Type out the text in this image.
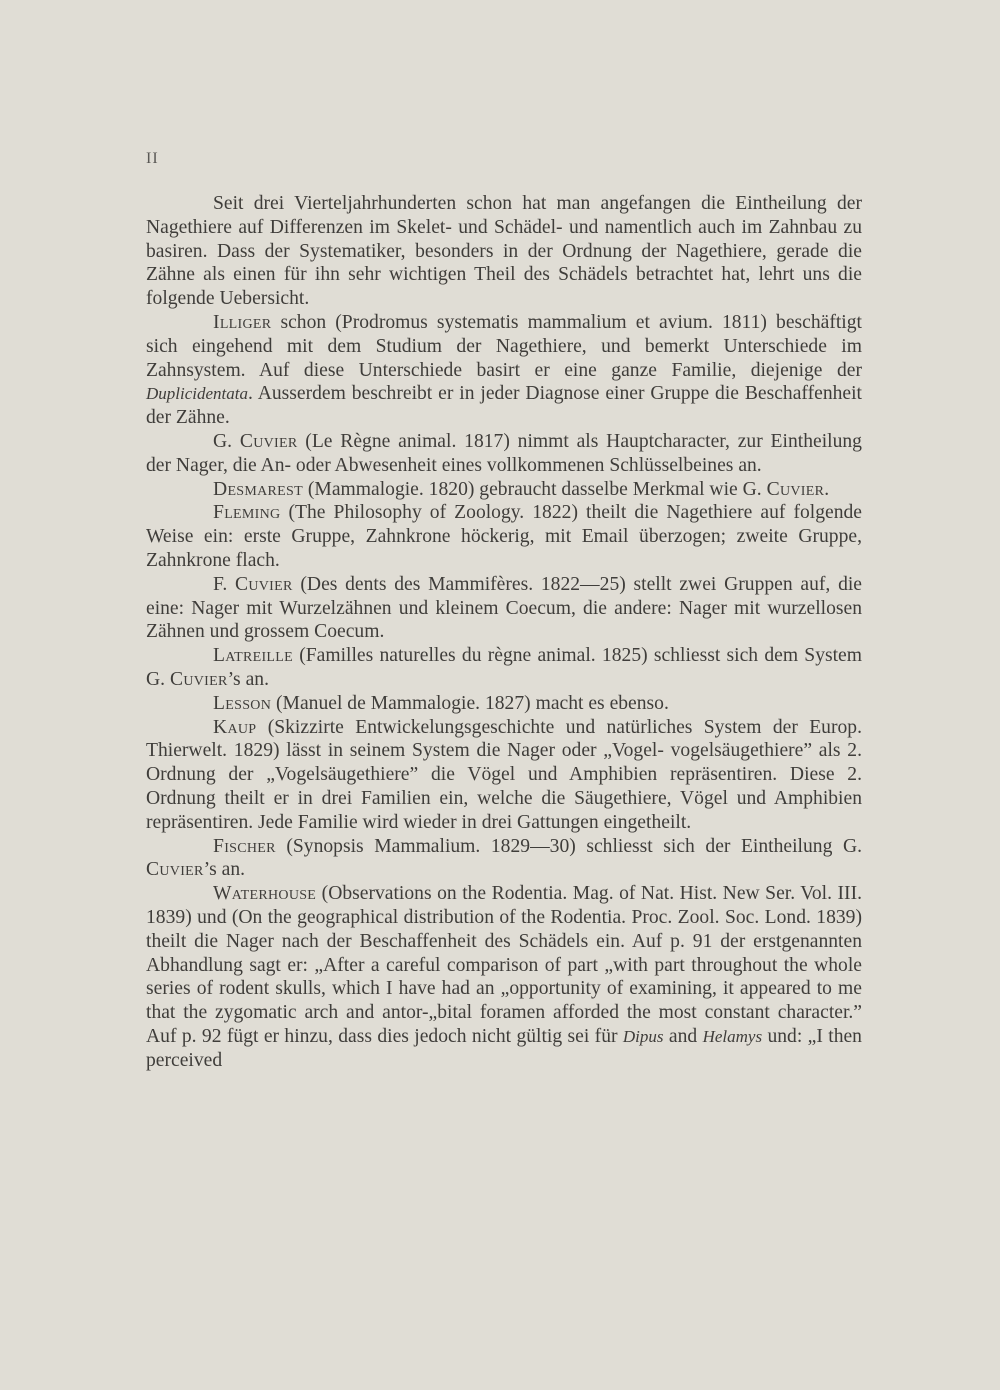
II

Seit drei Vierteljahrhunderten schon hat man angefangen die Eintheilung der Nagethiere auf Differenzen im Skelet- und Schädel- und namentlich auch im Zahnbau zu basiren. Dass der Systematiker, besonders in der Ordnung der Nagethiere, gerade die Zähne als einen für ihn sehr wichtigen Theil des Schädels betrachtet hat, lehrt uns die folgende Uebersicht.

Illiger schon (Prodromus systematis mammalium et avium. 1811) beschäftigt sich eingehend mit dem Studium der Nagethiere, und bemerkt Unterschiede im Zahnsystem. Auf diese Unterschiede basirt er eine ganze Familie, diejenige der Duplicidentata. Ausserdem beschreibt er in jeder Diagnose einer Gruppe die Beschaffenheit der Zähne.

G. Cuvier (Le Règne animal. 1817) nimmt als Hauptcharacter, zur Eintheilung der Nager, die An- oder Abwesenheit eines vollkommenen Schlüsselbeines an.

Desmarest (Mammalogie. 1820) gebraucht dasselbe Merkmal wie G. Cuvier.

Fleming (The Philosophy of Zoology. 1822) theilt die Nagethiere auf folgende Weise ein: erste Gruppe, Zahnkrone höckerig, mit Email überzogen; zweite Gruppe, Zahnkrone flach.

F. Cuvier (Des dents des Mammifères. 1822—25) stellt zwei Gruppen auf, die eine: Nager mit Wurzelzähnen und kleinem Coecum, die andere: Nager mit wurzellosen Zähnen und grossem Coecum.

Latreille (Familles naturelles du règne animal. 1825) schliesst sich dem System G. Cuvier’s an.

Lesson (Manuel de Mammalogie. 1827) macht es ebenso.

Kaup (Skizzirte Entwickelungsgeschichte und natürliches System der Europ. Thierwelt. 1829) lässt in seinem System die Nager oder „Vogel- vogelsäugethiere” als 2. Ordnung der „Vogelsäugethiere” die Vögel und Amphibien repräsentiren. Diese 2. Ordnung theilt er in drei Familien ein, welche die Säugethiere, Vögel und Amphibien repräsentiren. Jede Familie wird wieder in drei Gattungen eingetheilt.

Fischer (Synopsis Mammalium. 1829—30) schliesst sich der Eintheilung G. Cuvier’s an.

Waterhouse (Observations on the Rodentia. Mag. of Nat. Hist. New Ser. Vol. III. 1839) und (On the geographical distribution of the Rodentia. Proc. Zool. Soc. Lond. 1839) theilt die Nager nach der Beschaffenheit des Schädels ein. Auf p. 91 der erstgenannten Abhandlung sagt er: „After a careful comparison of part „with part throughout the whole series of rodent skulls, which I have had an „opportunity of examining, it appeared to me that the zygomatic arch and antor-„bital foramen afforded the most constant character.” Auf p. 92 fügt er hinzu, dass dies jedoch nicht gültig sei für Dipus and Helamys und: „I then perceived
